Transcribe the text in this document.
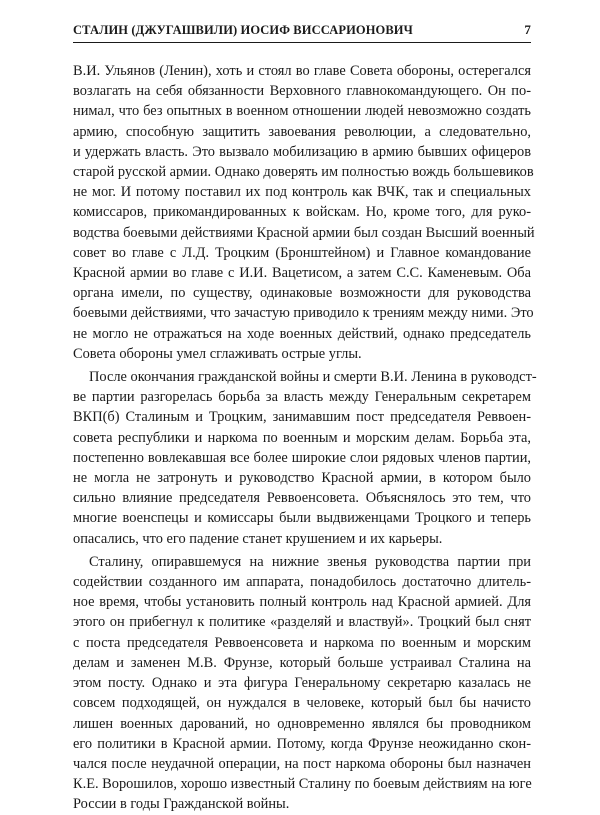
СТАЛИН (ДЖУГАШВИЛИ) ИОСИФ ВИССАРИОНОВИЧ	7

В.И. Ульянов (Ленин), хоть и стоял во главе Совета обороны, остерегался
возлагать на себя обязанности Верховного главнокомандующего. Он по-
нимал, что без опытных в военном отношении людей невозможно создать
армию, способную защитить завоевания революции, а следовательно,
и удержать власть. Это вызвало мобилизацию в армию бывших офицеров
старой русской армии. Однако доверять им полностью вождь большевиков
не мог. И потому поставил их под контроль как ВЧК, так и специальных
комиссаров, прикомандированных к войскам. Но, кроме того, для руко-
водства боевыми действиями Красной армии был создан Высший военный
совет во главе с Л.Д. Троцким (Бронштейном) и Главное командование
Красной армии во главе с И.И. Вацетисом, а затем С.С. Каменевым. Оба
органа имели, по существу, одинаковые возможности для руководства
боевыми действиями, что зачастую приводило к трениям между ними. Это
не могло не отражаться на ходе военных действий, однако председатель
Совета обороны умел сглаживать острые углы.

После окончания гражданской войны и смерти В.И. Ленина в руководст-
ве партии разгорелась борьба за власть между Генеральным секретарем
ВКП(б) Сталиным и Троцким, занимавшим пост председателя Реввоен-
совета республики и наркома по военным и морским делам. Борьба эта,
постепенно вовлекавшая все более широкие слои рядовых членов партии,
не могла не затронуть и руководство Красной армии, в котором было
сильно влияние председателя Реввоенсовета. Объяснялось это тем, что
многие военспецы и комиссары были выдвиженцами Троцкого и теперь
опасались, что его падение станет крушением и их карьеры.

Сталину, опиравшемуся на нижние звенья руководства партии при
содействии созданного им аппарата, понадобилось достаточно длитель-
ное время, чтобы установить полный контроль над Красной армией. Для
этого он прибегнул к политике «разделяй и властвуй». Троцкий был снят
с поста председателя Реввоенсовета и наркома по военным и морским
делам и заменен М.В. Фрунзе, который больше устраивал Сталина на
этом посту. Однако и эта фигура Генеральному секретарю казалась не
совсем подходящей, он нуждался в человеке, который был бы начисто
лишен военных дарований, но одновременно являлся бы проводником
его политики в Красной армии. Потому, когда Фрунзе неожиданно скон-
чался после неудачной операции, на пост наркома обороны был назначен
К.Е. Ворошилов, хорошо известный Сталину по боевым действиям на юге
России в годы Гражданской войны.
